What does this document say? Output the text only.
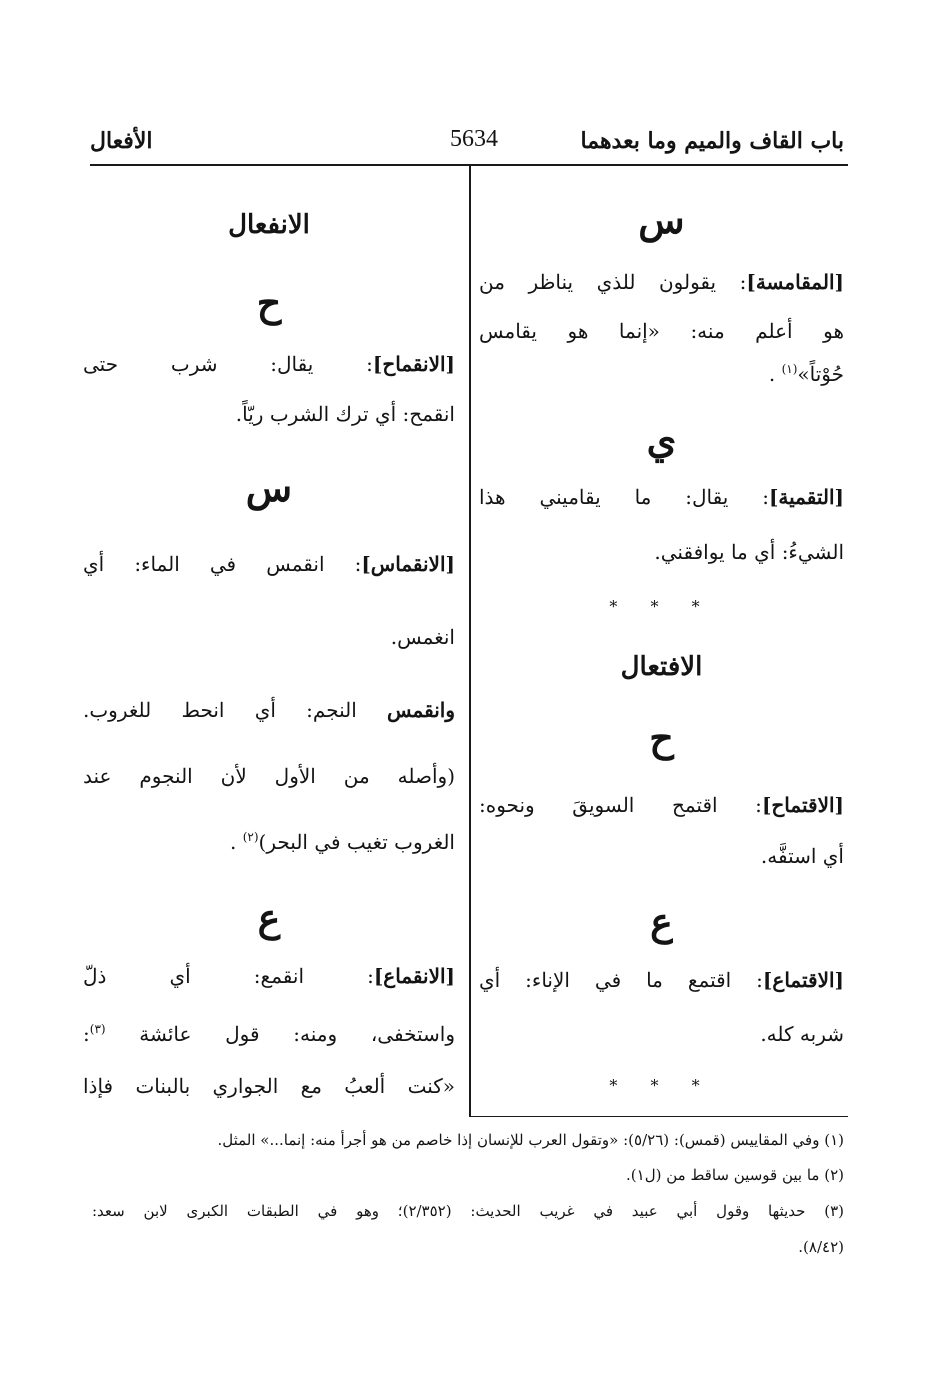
باب القاف والميم وما بعدهما
5634
الأفعال
س
[المقامسة]: يقولون للذي يناظر من
هو أعلم منه: «إنما هو يقامس
حُوْتاً»$^{(١)}$ .
ي
[التقمية]: يقال: ما يقاميني هذا
الشيءُ: أي ما يوافقني.
* * *
الافتعال
ح
[الاقتماح]: اقتمح السويقَ ونحوه:
أي استفَّه.
ع
[الاقتماع]: اقتمع ما في الإناء: أي
شربه كله.
* * *
الانفعال
ح
[الانقماح]: يقال: شرب حتى
انقمح: أي ترك الشرب ريّاً.
س
[الانقماس]: انقمس في الماء: أي
انغمس.
وانقمس النجم: أي انحط للغروب.
(وأصله من الأول لأن النجوم عند
الغروب تغيب في البحر)$^{(٢)}$ .
ع
[الانقماع]: انقمع: أي ذلّ
واستخفى، ومنه: قول عائشة $^{(٣)}$:
«كنت ألعبُ مع الجواري بالبنات فإذا
(١) وفي المقاييس (قمس): (٥/٢٦): «وتقول العرب للإنسان إذا خاصم من هو أجرأ منه: إنما...» المثل.
(٢) ما بين قوسين ساقط من (ل١).
(٣) حديثها وقول أبي عبيد في غريب الحديث: (٢/٣٥٢)؛ وهو في الطبقات الكبرى لابن سعد:
(٨/٤٢).
